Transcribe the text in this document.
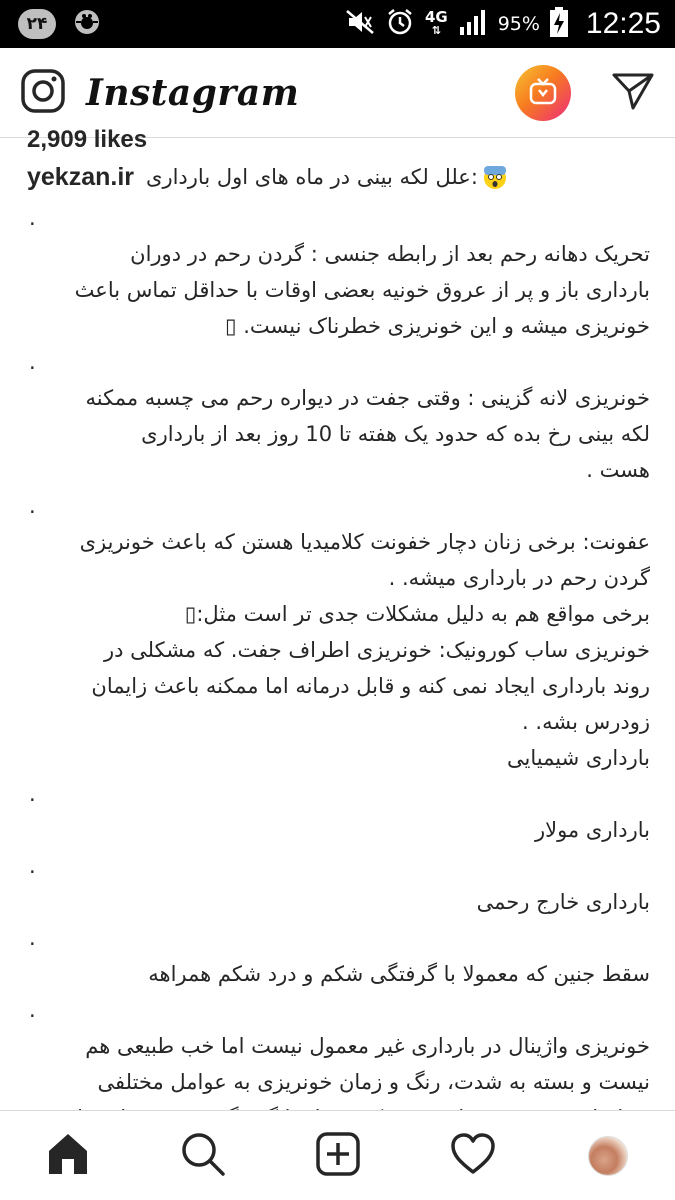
۲۴	4G
⇅	95% 12:25
Instagram
2,909 likes
yekzan.ir :علل لکه بینی در ماه های اول بارداری
.
تحریک دهانه رحم بعد از رابطه جنسی : گردن رحم در دوران
بارداری باز و پر از عروق خونیه بعضی اوقات با حداقل تماس باعث
خونریزی میشه و این خونریزی خطرناک نیست. ▯
.
خونریزی لانه گزینی : وقتی جفت در دیواره رحم می چسبه ممکنه
لکه بینی رخ بده که حدود یک هفته تا 10 روز بعد از بارداری
هست .
.
عفونت: برخی زنان دچار خفونت کلامیدیا هستن که باعث خونریزی
گردن رحم در بارداری میشه. .
برخی مواقع هم به دلیل مشکلات جدی تر است مثل:▯
خونریزی ساب کورونیک: خونریزی اطراف جفت. که مشکلی در
روند بارداری ایجاد نمی کنه و قابل درمانه اما ممکنه باعث زایمان
زودرس بشه. .
بارداری شیمیایی
.
بارداری مولار
.
بارداری خارج رحمی
.
سقط جنین که معمولا با گرفتگی شکم و درد شکم همراهه
.
خونریزی واژینال در بارداری غیر معمول نیست اما خب طبیعی هم
نیست و بسته به شدت، رنگ و زمان خونریزی به عوامل مختلفی
